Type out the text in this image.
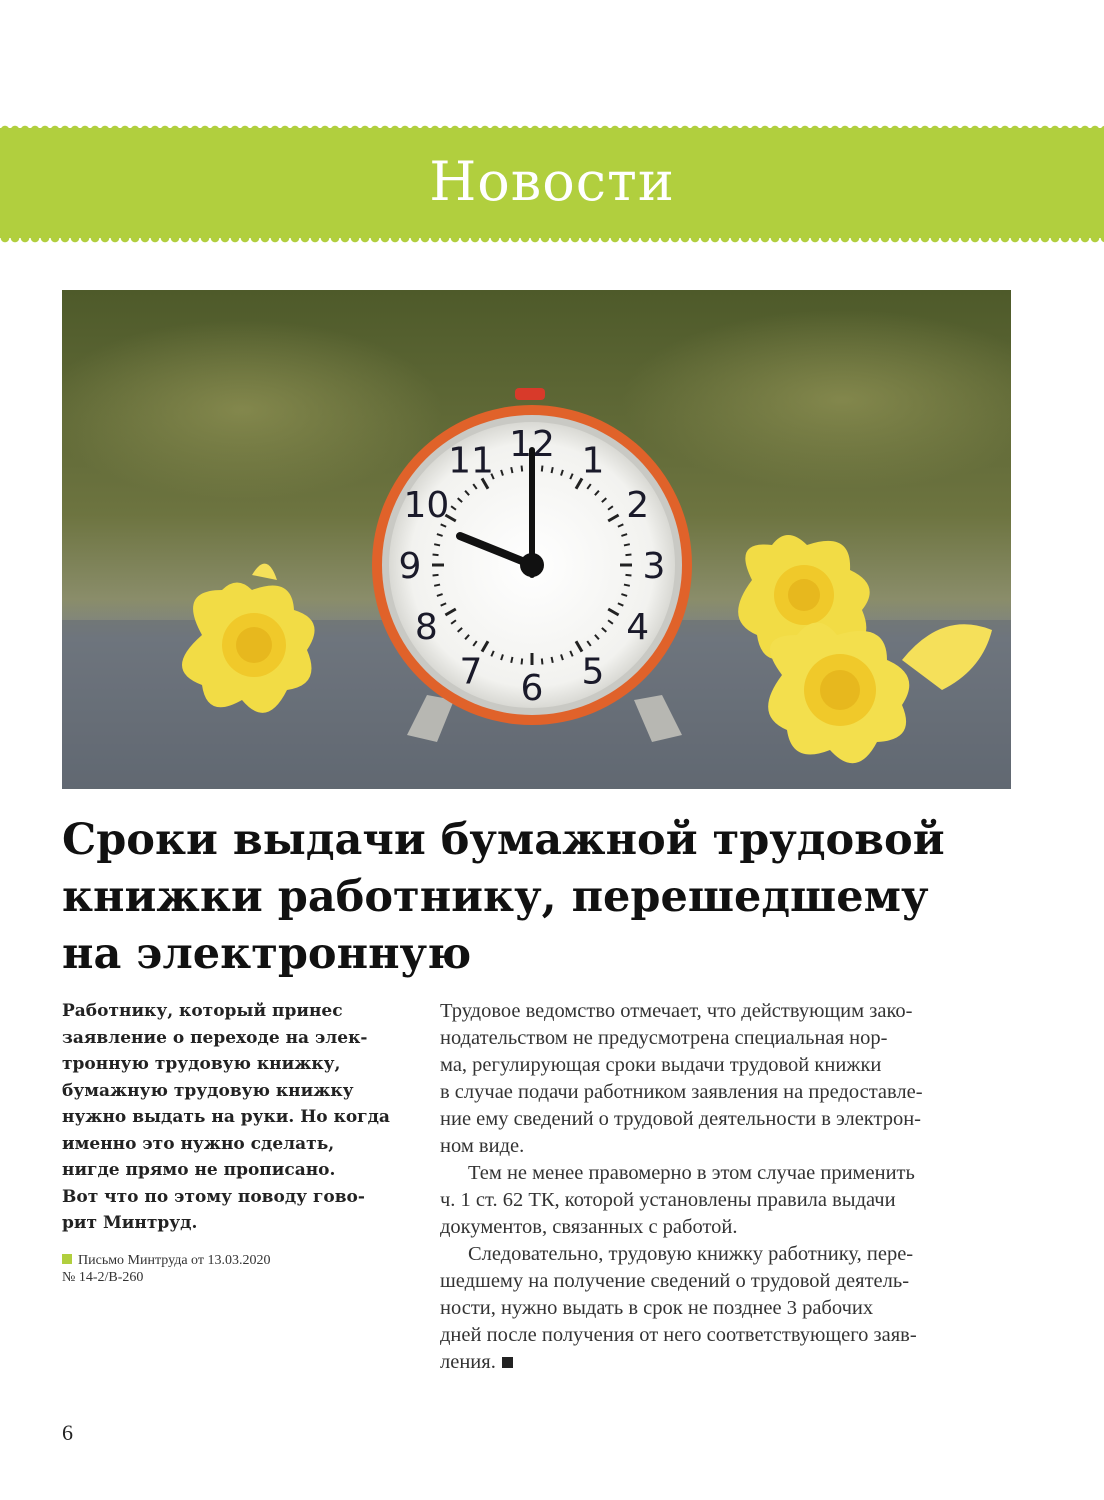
Новости
12 1
2
3
4
5
6
7
8
9
10
11
Сроки выдачи бумажной трудовой
книжки работнику, перешедшему
на электронную
Работнику, который принес
заявление о переходе на элек-
тронную трудовую книжку,
бумажную трудовую книжку
нужно выдать на руки. Но когда
именно это нужно сделать,
нигде прямо не прописано.
Вот что по этому поводу гово-
рит Минтруд.
Письмо Минтруда от 13.03.2020
№ 14-2/В-260

Трудовое ведомство отмечает, что действующим зако-
нодательством не предусмотрена специальная нор-
ма, регулирующая сроки выдачи трудовой книжки
в случае подачи работником заявления на предоставле-
ние ему сведений о трудовой деятельности в электрон-
ном виде.

Тем не менее правомерно в этом случае применить
ч. 1 ст. 62 ТК, которой установлены правила выдачи
документов, связанных с работой.

Следовательно, трудовую книжку работнику, пере-
шедшему на получение сведений о трудовой деятель-
ности, нужно выдать в срок не позднее 3 рабочих
дней после получения от него соответствующего заяв-
ления.

6
